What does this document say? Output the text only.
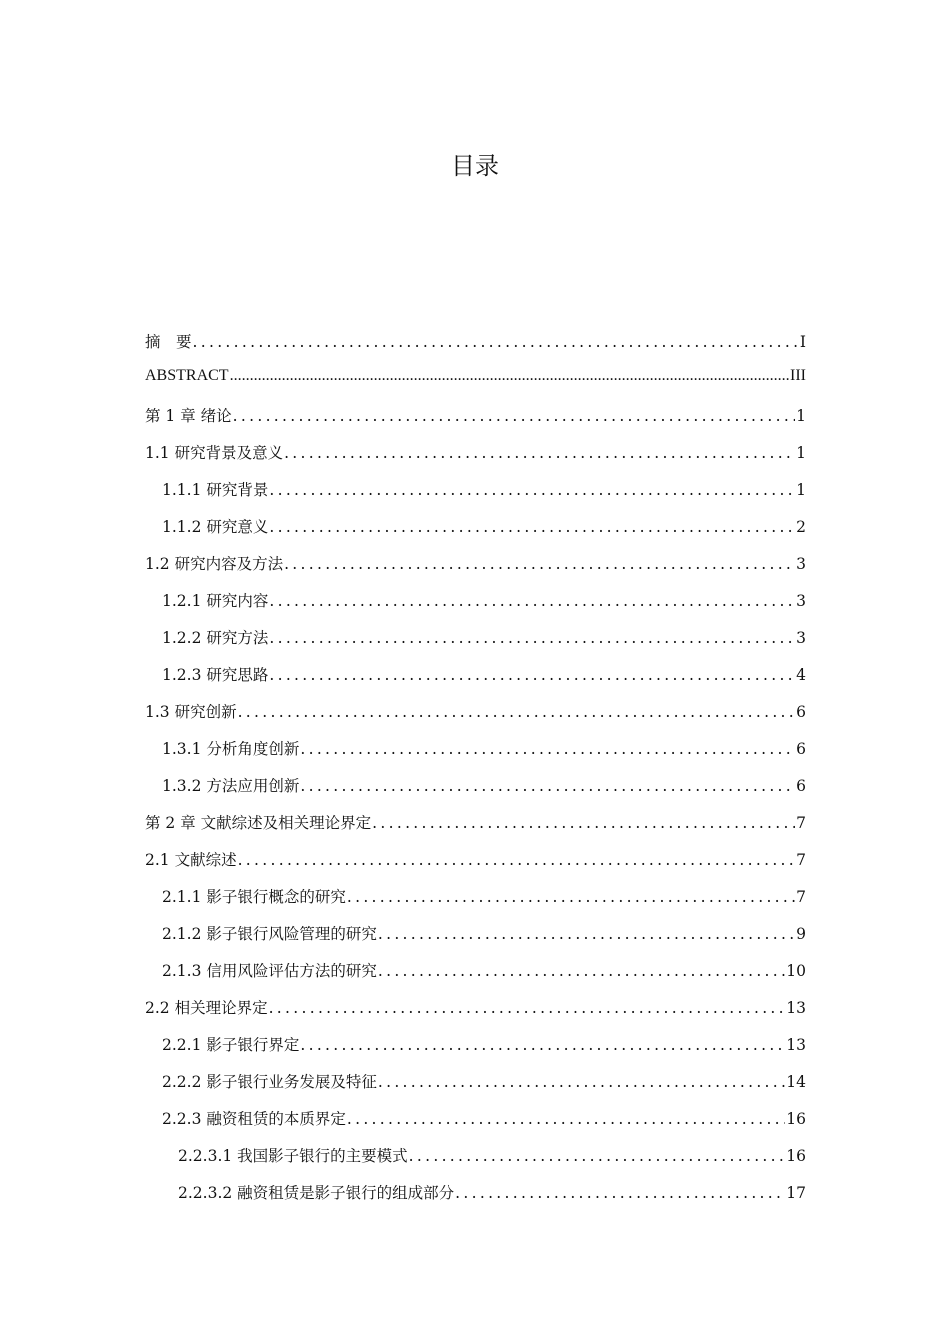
目录
摘　要 .....	I
ABSTRACT .....	III
第 1 章 绪论 .....	1
1.1 研究背景及意义 .....	1
1.1.1 研究背景 .....	1
1.1.2 研究意义 .....	2
1.2 研究内容及方法 .....	3
1.2.1 研究内容 .....	3
1.2.2 研究方法 .....	3
1.2.3 研究思路 .....	4
1.3 研究创新 .....	6
1.3.1 分析角度创新 .....	6
1.3.2 方法应用创新 .....	6
第 2 章 文献综述及相关理论界定 .....	7
2.1 文献综述 .....	7
2.1.1 影子银行概念的研究 .....	7
2.1.2 影子银行风险管理的研究 .....	9
2.1.3 信用风险评估方法的研究 .....	10
2.2 相关理论界定 .....	13
2.2.1 影子银行界定 .....	13
2.2.2 影子银行业务发展及特征 .....	14
2.2.3 融资租赁的本质界定 .....	16
2.2.3.1 我国影子银行的主要模式 .....	16
2.2.3.2 融资租赁是影子银行的组成部分 .....	17
